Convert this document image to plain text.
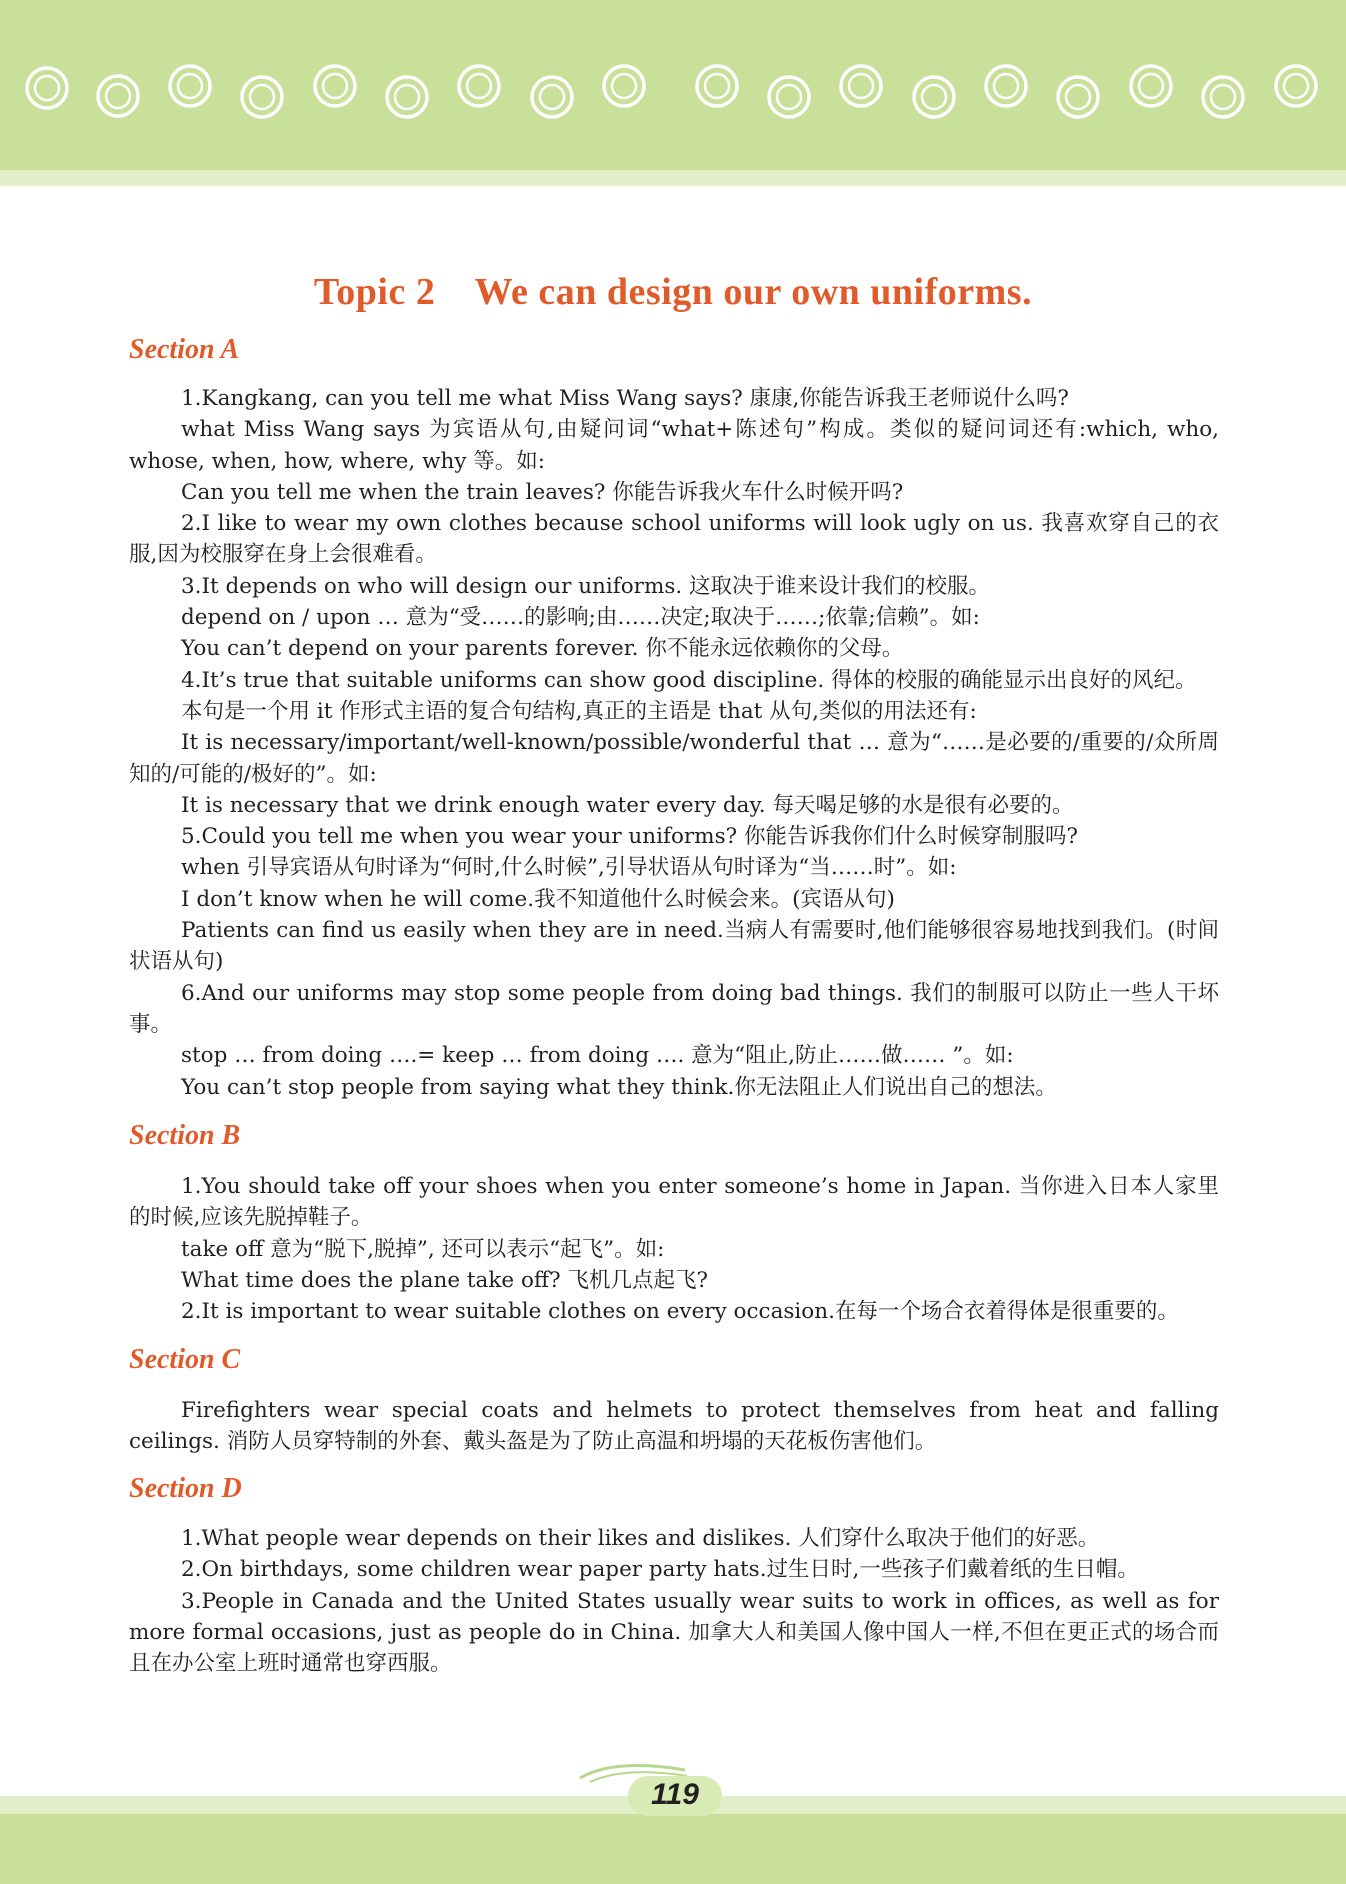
Topic 2    We can design our own uniforms.
Section A

1.Kangkang, can you tell me what Miss Wang says? 康康,你能告诉我王老师说什么吗?

what Miss Wang says 为宾语从句,由疑问词“what+陈述句”构成。类似的疑问词还有:which, who, whose, when, how, where, why 等。如:

Can you tell me when the train leaves? 你能告诉我火车什么时候开吗?

2.I like to wear my own clothes because school uniforms will look ugly on us. 我喜欢穿自己的衣服,因为校服穿在身上会很难看。

3.It depends on who will design our uniforms. 这取决于谁来设计我们的校服。

depend on / upon … 意为“受……的影响;由……决定;取决于……;依靠;信赖”。如:

You can’t depend on your parents forever. 你不能永远依赖你的父母。

4.It’s true that suitable uniforms can show good discipline. 得体的校服的确能显示出良好的风纪。

本句是一个用 it 作形式主语的复合句结构,真正的主语是 that 从句,类似的用法还有:

It is necessary/important/well-known/possible/wonderful that … 意为“……是必要的/重要的/众所周知的/可能的/极好的”。如:

It is necessary that we drink enough water every day. 每天喝足够的水是很有必要的。

5.Could you tell me when you wear your uniforms? 你能告诉我你们什么时候穿制服吗?

when 引导宾语从句时译为“何时,什么时候”,引导状语从句时译为“当……时”。如:

I don’t know when he will come.我不知道他什么时候会来。(宾语从句)

Patients can find us easily when they are in need.当病人有需要时,他们能够很容易地找到我们。(时间状语从句)

6.And our uniforms may stop some people from doing bad things. 我们的制服可以防止一些人干坏事。

stop … from doing ….= keep … from doing …. 意为“阻止,防止……做…… ”。如:

You can’t stop people from saying what they think.你无法阻止人们说出自己的想法。

Section B

1.You should take off your shoes when you enter someone’s home in Japan. 当你进入日本人家里的时候,应该先脱掉鞋子。

take off 意为“脱下,脱掉”, 还可以表示“起飞”。如:

What time does the plane take off? 飞机几点起飞?

2.It is important to wear suitable clothes on every occasion.在每一个场合衣着得体是很重要的。

Section C

Firefighters wear special coats and helmets to protect themselves from heat and falling ceilings. 消防人员穿特制的外套、戴头盔是为了防止高温和坍塌的天花板伤害他们。

Section D

1.What people wear depends on their likes and dislikes. 人们穿什么取决于他们的好恶。

2.On birthdays, some children wear paper party hats.过生日时,一些孩子们戴着纸的生日帽。

3.People in Canada and the United States usually wear suits to work in offices, as well as for more formal occasions, just as people do in China. 加拿大人和美国人像中国人一样,不但在更正式的场合而且在办公室上班时通常也穿西服。

119
